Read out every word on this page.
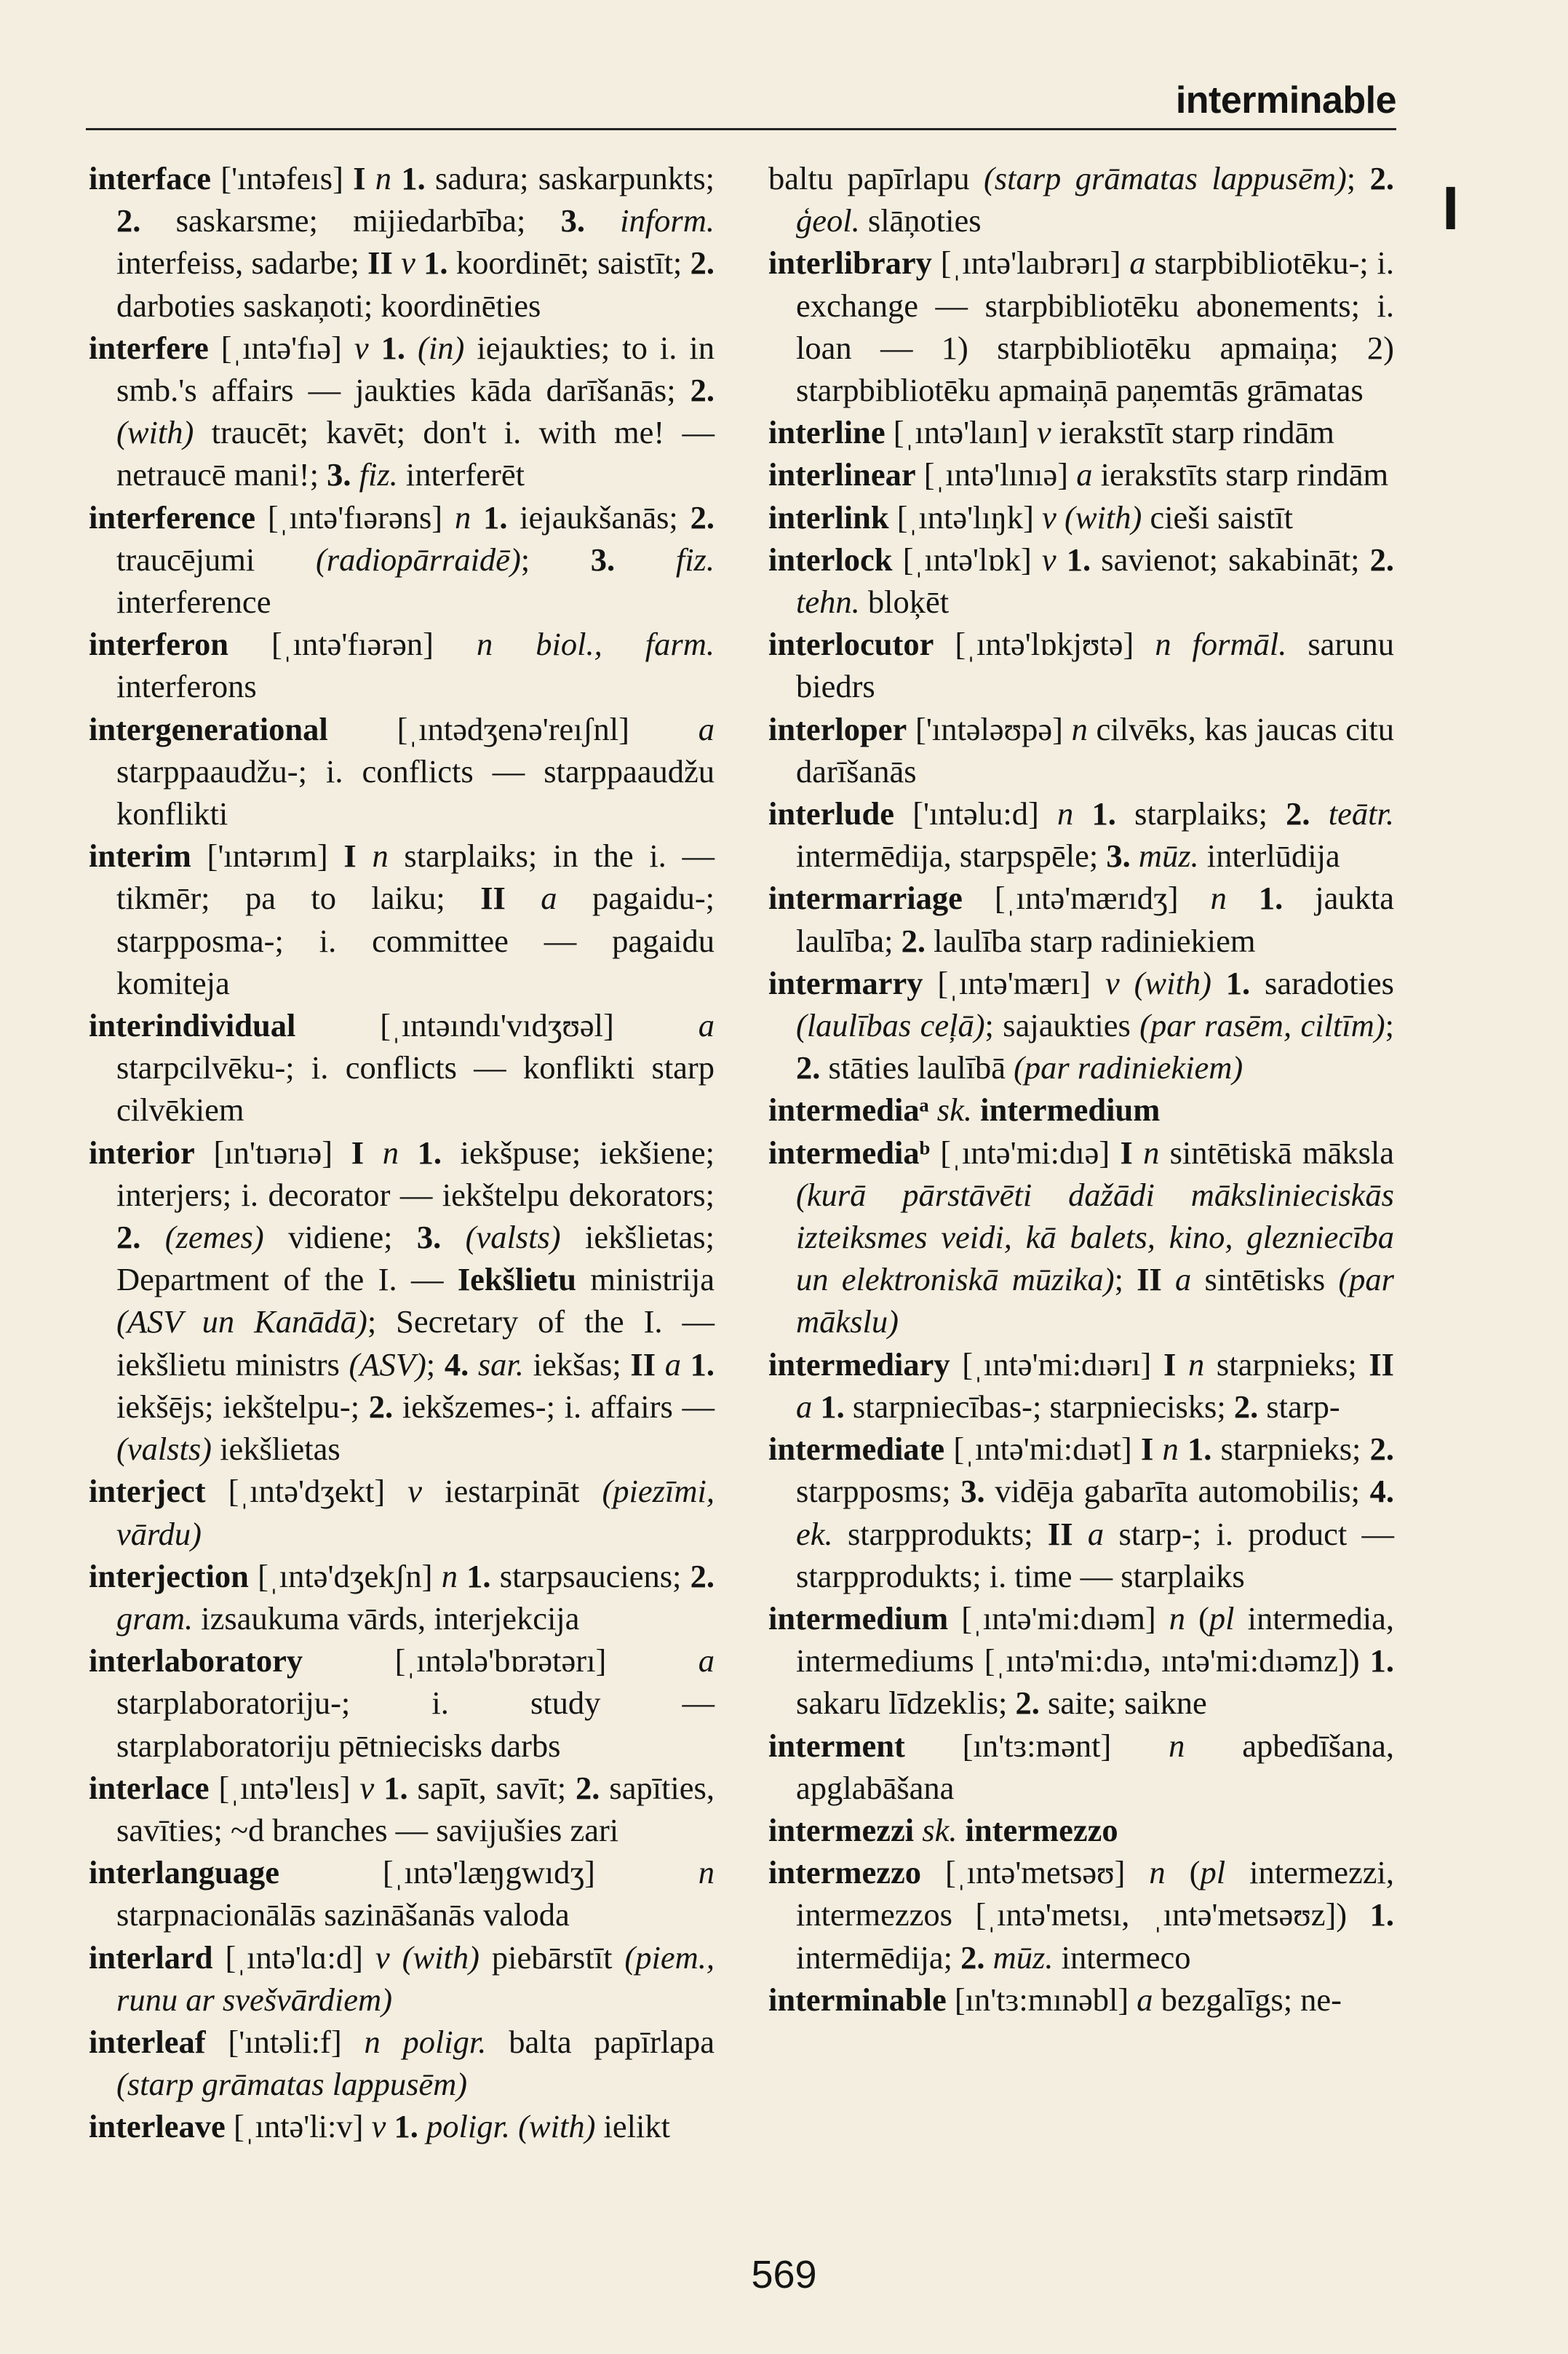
interminable
I

interface ['ıntəfeıs] I n 1. sadura; saskarpunkts; 2. saskarsme; mijiedarbība; 3. inform. interfeiss, sadarbe; II v 1. koordinēt; saistīt; 2. darboties saskaņoti; koordinēties

interfere [ˌıntə'fıə] v 1. (in) iejaukties; to i. in smb.'s affairs — jaukties kāda darīšanās; 2. (with) traucēt; kavēt; don't i. with me! — netraucē mani!; 3. fiz. interferēt

interference [ˌıntə'fıərəns] n 1. iejaukšanās; 2. traucējumi (radiopārraidē); 3. fiz. interference

interferon [ˌıntə'fıərən] n biol., farm. interferons

intergenerational [ˌıntədʒenə'reıʃnl] a starppaaudžu-; i. conflicts — starppaaudžu konflikti

interim ['ıntərım] I n starplaiks; in the i. — tikmēr; pa to laiku; II a pagaidu-; starpposma-; i. committee — pagaidu komiteja

interindividual [ˌıntəındı'vıdʒʊəl] a starpcilvēku-; i. conflicts — konflikti starp cilvēkiem

interior [ın'tıərıə] I n 1. iekšpuse; iekšiene; interjers; i. decorator — iekštelpu dekorators; 2. (zemes) vidiene; 3. (valsts) iekšlietas; Department of the I. — Iekšlietu ministrija (ASV un Kanādā); Secretary of the I. — iekšlietu ministrs (ASV); 4. sar. iekšas; II a 1. iekšējs; iekštelpu-; 2. iekšzemes-; i. affairs — (valsts) iekšlietas

interject [ˌıntə'dʒekt] v iestarpināt (piezīmi, vārdu)

interjection [ˌıntə'dʒekʃn] n 1. starpsauciens; 2. gram. izsaukuma vārds, interjekcija

interlaboratory [ˌıntələ'bɒrətərı] a starplaboratoriju-; i. study — starplaboratoriju pētniecisks darbs

interlace [ˌıntə'leıs] v 1. sapīt, savīt; 2. sapīties, savīties; ~d branches — savijušies zari

interlanguage [ˌıntə'læŋgwıdʒ] n starpnacionālās sazināšanās valoda

interlard [ˌıntə'lɑ:d] v (with) piebārstīt (piem., runu ar svešvārdiem)

interleaf ['ıntəli:f] n poligr. balta papīrlapa (starp grāmatas lappusēm)

interleave [ˌıntə'li:v] v 1. poligr. (with) ielikt

baltu papīrlapu (starp grāmatas lappusēm); 2. ģeol. slāņoties

interlibrary [ˌıntə'laıbrərı] a starpbibliotēku-; i. exchange — starpbibliotēku abonements; i. loan — 1) starpbibliotēku apmaiņa; 2) starpbibliotēku apmaiņā paņemtās grāmatas

interline [ˌıntə'laın] v ierakstīt starp rindām

interlinear [ˌıntə'lınıə] a ierakstīts starp rindām

interlink [ˌıntə'lıŋk] v (with) cieši saistīt

interlock [ˌıntə'lɒk] v 1. savienot; sakabināt; 2. tehn. bloķēt

interlocutor [ˌıntə'lɒkjʊtə] n formāl. sarunu biedrs

interloper ['ıntələʊpə] n cilvēks, kas jaucas citu darīšanās

interlude ['ıntəlu:d] n 1. starplaiks; 2. teātr. intermēdija, starpspēle; 3. mūz. interlūdija

intermarriage [ˌıntə'mærıdʒ] n 1. jaukta laulība; 2. laulība starp radiniekiem

intermarry [ˌıntə'mærı] v (with) 1. saradoties (laulības ceļā); sajaukties (par rasēm, ciltīm); 2. stāties laulībā (par radiniekiem)

intermediaᵃ sk. intermedium

intermediaᵇ [ˌıntə'mi:dıə] I n sintētiskā māksla (kurā pārstāvēti dažādi mākslinieciskās izteiksmes veidi, kā balets, kino, glezniecība un elektroniskā mūzika); II a sintētisks (par mākslu)

intermediary [ˌıntə'mi:dıərı] I n starpnieks; II a 1. starpniecības-; starpniecisks; 2. starp-

intermediate [ˌıntə'mi:dıət] I n 1. starpnieks; 2. starpposms; 3. vidēja gabarīta automobilis; 4. ek. starpprodukts; II a starp-; i. product — starpprodukts; i. time — starplaiks

intermedium [ˌıntə'mi:dıəm] n (pl intermedia, intermediums [ˌıntə'mi:dıə, ıntə'mi:dıəmz]) 1. sakaru līdzeklis; 2. saite; saikne

interment [ın'tɜ:mənt] n apbedīšana, apglabāšana

intermezzi sk. intermezzo

intermezzo [ˌıntə'metsəʊ] n (pl intermezzi, intermezzos [ˌıntə'metsı, ˌıntə'metsəʊz]) 1. intermēdija; 2. mūz. intermeco

interminable [ın'tɜ:mınəbl] a bezgalīgs; ne-

569
